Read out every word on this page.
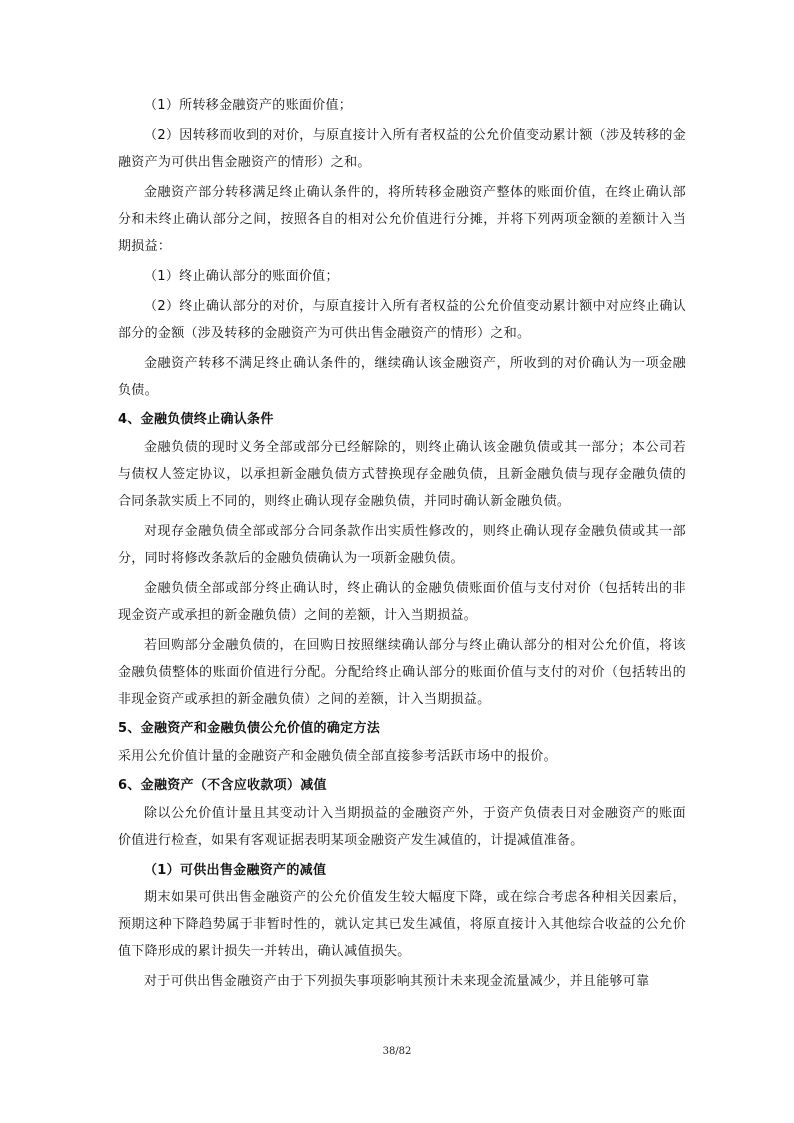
（1）所转移金融资产的账面价值；

（2）因转移而收到的对价，与原直接计入所有者权益的公允价值变动累计额（涉及转移的金融资产为可供出售金融资产的情形）之和。

金融资产部分转移满足终止确认条件的，将所转移金融资产整体的账面价值，在终止确认部分和未终止确认部分之间，按照各自的相对公允价值进行分摊，并将下列两项金额的差额计入当期损益：

（1）终止确认部分的账面价值；

（2）终止确认部分的对价，与原直接计入所有者权益的公允价值变动累计额中对应终止确认部分的金额（涉及转移的金融资产为可供出售金融资产的情形）之和。

金融资产转移不满足终止确认条件的，继续确认该金融资产，所收到的对价确认为一项金融负债。

4、金融负债终止确认条件

金融负债的现时义务全部或部分已经解除的，则终止确认该金融负债或其一部分；本公司若与债权人签定协议，以承担新金融负债方式替换现存金融负债，且新金融负债与现存金融负债的合同条款实质上不同的，则终止确认现存金融负债，并同时确认新金融负债。

对现存金融负债全部或部分合同条款作出实质性修改的，则终止确认现存金融负债或其一部分，同时将修改条款后的金融负债确认为一项新金融负债。

金融负债全部或部分终止确认时，终止确认的金融负债账面价值与支付对价（包括转出的非现金资产或承担的新金融负债）之间的差额，计入当期损益。

若回购部分金融负债的，在回购日按照继续确认部分与终止确认部分的相对公允价值，将该金融负债整体的账面价值进行分配。分配给终止确认部分的账面价值与支付的对价（包括转出的非现金资产或承担的新金融负债）之间的差额，计入当期损益。

5、金融资产和金融负债公允价值的确定方法

采用公允价值计量的金融资产和金融负债全部直接参考活跃市场中的报价。

6、金融资产（不含应收款项）减值

除以公允价值计量且其变动计入当期损益的金融资产外，于资产负债表日对金融资产的账面价值进行检查，如果有客观证据表明某项金融资产发生减值的，计提减值准备。

（1）可供出售金融资产的减值

期末如果可供出售金融资产的公允价值发生较大幅度下降，或在综合考虑各种相关因素后，预期这种下降趋势属于非暂时性的，就认定其已发生减值，将原直接计入其他综合收益的公允价值下降形成的累计损失一并转出，确认减值损失。

对于可供出售金融资产由于下列损失事项影响其预计未来现金流量减少，并且能够可靠

38/82
